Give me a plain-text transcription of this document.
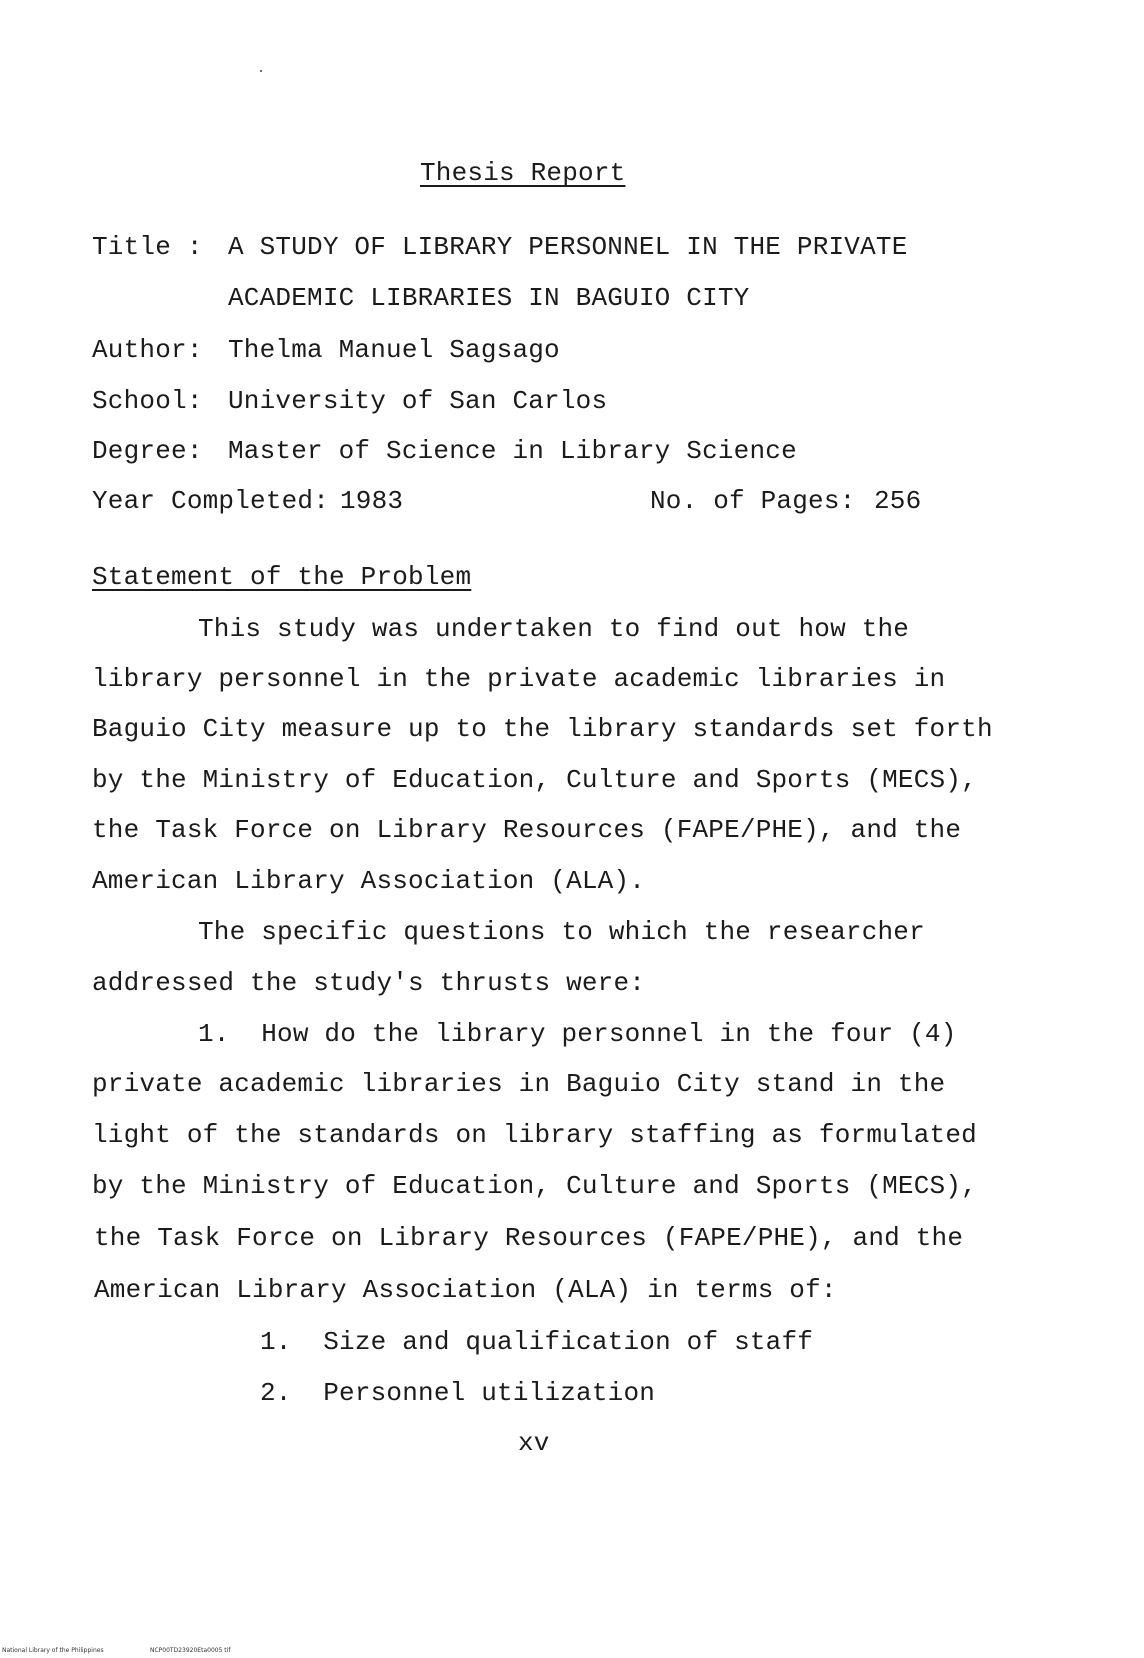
Thesis Report
Title : A STUDY OF LIBRARY PERSONNEL IN THE PRIVATE
ACADEMIC LIBRARIES IN BAGUIO CITY
Author: Thelma Manuel Sagsago
School: University of San Carlos
Degree: Master of Science in Library Science
Year Completed: 1983	No. of Pages: 256
Statement of the Problem
This study was undertaken to find out how the
library personnel in the private academic libraries in
Baguio City measure up to the library standards set forth
by the Ministry of Education, Culture and Sports (MECS),
the Task Force on Library Resources (FAPE/PHE), and the
American Library Association (ALA).
The specific questions to which the researcher
addressed the study's thrusts were:
1.  How do the library personnel in the four (4)
private academic libraries in Baguio City stand in the
light of the standards on library staffing as formulated
by the Ministry of Education, Culture and Sports (MECS),
the Task Force on Library Resources (FAPE/PHE), and the
American Library Association (ALA) in terms of:
1.  Size and qualification of staff
2.  Personnel utilization
xv
National Library of the Philippines	NCP00TD23920Eta0005 tif
